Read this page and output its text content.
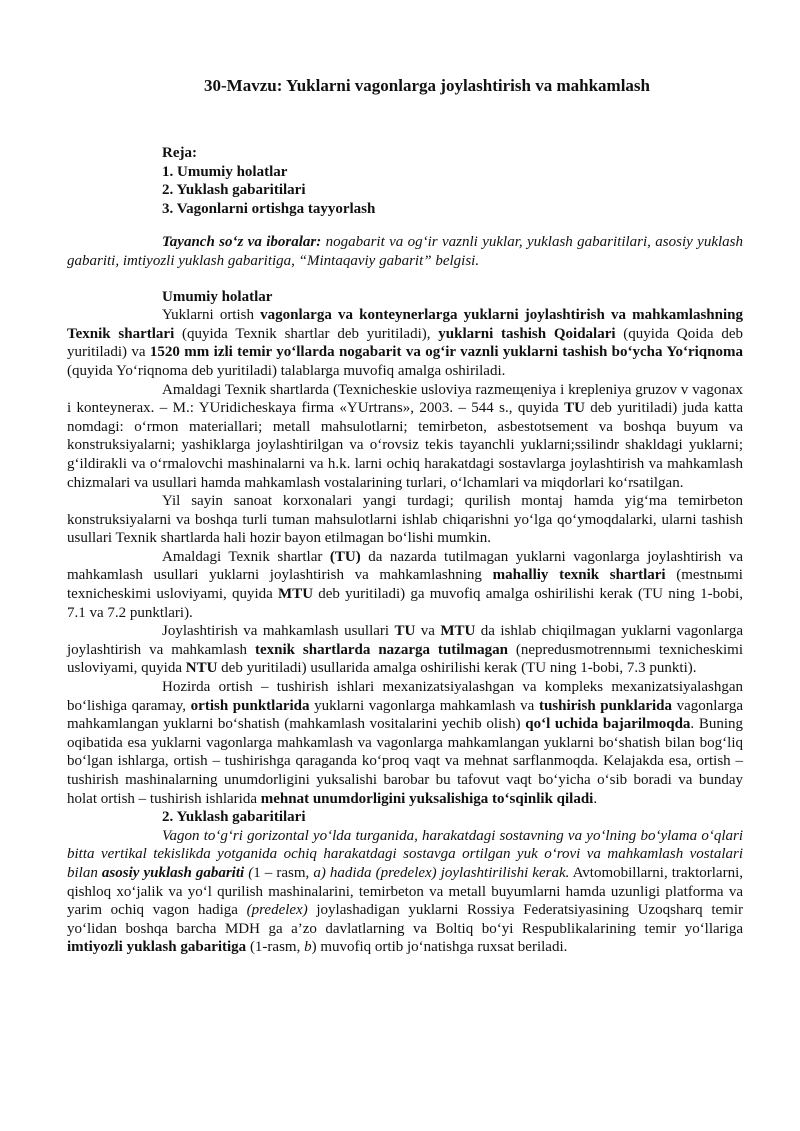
30-Mavzu: Yuklarni vagonlarga joylashtirish va mahkamlash
Reja:
1. Umumiy holatlar
2. Yuklash gabaritilari
3. Vagonlarni ortishga tayyorlash

Tayanch so‘z va iboralar: nogabarit va og‘ir vaznli yuklar, yuklash gabaritilari, asosiy yuklash gabariti, imtiyozli yuklash gabaritiga, “Mintaqaviy gabarit” belgisi.

Umumiy holatlar

Yuklarni ortish vagonlarga va konteynerlarga yuklarni joylashtirish va mahkamlashning Texnik shartlari (quyida Texnik shartlar deb yuritiladi), yuklarni tashish Qoidalari (quyida Qoida deb yuritiladi) va 1520 mm izli temir yo‘llarda nogabarit va og‘ir vaznli yuklarni tashish bo‘ycha Yo‘riqnoma (quyida Yo‘riqnoma deb yuritiladi) talablarga muvofiq amalga oshiriladi.

Amaldagi Texnik shartlarda (Texnicheskie usloviya razmeщeniya i krepleniya gruzov v vagonax i konteynerax. – M.: YUridicheskaya firma «YUrtrans», 2003. – 544 s., quyida TU deb yuritiladi) juda katta nomdagi: o‘rmon materiallari; metall mahsulotlarni; temirbeton, asbestotsement va boshqa buyum va konstruksiyalarni; yashiklarga joylashtirilgan va o‘rovsiz tekis tayanchli yuklarni;ssilindr shakldagi yuklarni; g‘ildirakli va o‘rmalovchi mashinalarni va h.k. larni ochiq harakatdagi sostavlarga joylashtirish va mahkamlash chizmalari va usullari hamda mahkamlash vostalarining turlari, o‘lchamlari va miqdorlari ko‘rsatilgan.

Yil sayin sanoat korxonalari yangi turdagi; qurilish montaj hamda yig‘ma temirbeton konstruksiyalarni va boshqa turli tuman mahsulotlarni ishlab chiqarishni yo‘lga qo‘ymoqdalarki, ularni tashish usullari Texnik shartlarda hali hozir bayon etilmagan bo‘lishi mumkin.

Amaldagi Texnik shartlar (TU) da nazarda tutilmagan yuklarni vagonlarga joylashtirish va mahkamlash usullari yuklarni joylashtirish va mahkamlashning mahalliy texnik shartlari (mestnыmi texnicheskimi usloviyami, quyida MTU deb yuritiladi) ga muvofiq amalga oshirilishi kerak (TU ning 1-bobi, 7.1 va 7.2 punktlari).

Joylashtirish va mahkamlash usullari TU va MTU da ishlab chiqilmagan yuklarni vagonlarga joylashtirish va mahkamlash texnik shartlarda nazarga tutilmagan (nepredusmotrennыmi texnicheskimi usloviyami, quyida NTU deb yuritiladi) usullarida amalga oshirilishi kerak (TU ning 1-bobi, 7.3 punkti).

Hozirda ortish – tushirish ishlari mexanizatsiyalashgan va kompleks mexanizatsiyalashgan bo‘lishiga qaramay, ortish punktlarida yuklarni vagonlarga mahkamlash va tushirish punklarida vagonlarga mahkamlangan yuklarni bo‘shatish (mahkamlash vositalarini yechib olish) qo‘l uchida bajarilmoqda. Buning oqibatida esa yuklarni vagonlarga mahkamlash va vagonlarga mahkamlangan yuklarni bo‘shatish bilan bog‘liq bo‘lgan ishlarga, ortish – tushirishga qaraganda ko‘proq vaqt va mehnat sarflanmoqda. Kelajakda esa, ortish – tushirish mashinalarning unumdorligini yuksalishi barobar bu tafovut vaqt bo‘yicha o‘sib boradi va bunday holat ortish – tushirish ishlarida mehnat unumdorligini yuksalishiga to‘sqinlik qiladi.

2. Yuklash gabaritilari

Vagon to‘g‘ri gorizontal yo‘lda turganida, harakatdagi sostavning va yo‘lning bo‘ylama o‘qlari bitta vertikal tekislikda yotganida ochiq harakatdagi sostavga ortilgan yuk o‘rovi va mahkamlash vostalari bilan asosiy yuklash gabariti (1 – rasm, a) hadida (predelex) joylashtirilishi kerak. Avtomobillarni, traktorlarni, qishloq xo‘jalik va yo‘l qurilish mashinalarini, temirbeton va metall buyumlarni hamda uzunligi platforma va yarim ochiq vagon hadiga (predelex) joylashadigan yuklarni Rossiya Federatsiyasining Uzoqsharq temir yo‘lidan boshqa barcha MDH ga a’zo davlatlarning va Boltiq bo‘yi Respublikalarining temir yo‘llariga imtiyozli yuklash gabaritiga (1-rasm, b) muvofiq ortib jo‘natishga ruxsat beriladi.
